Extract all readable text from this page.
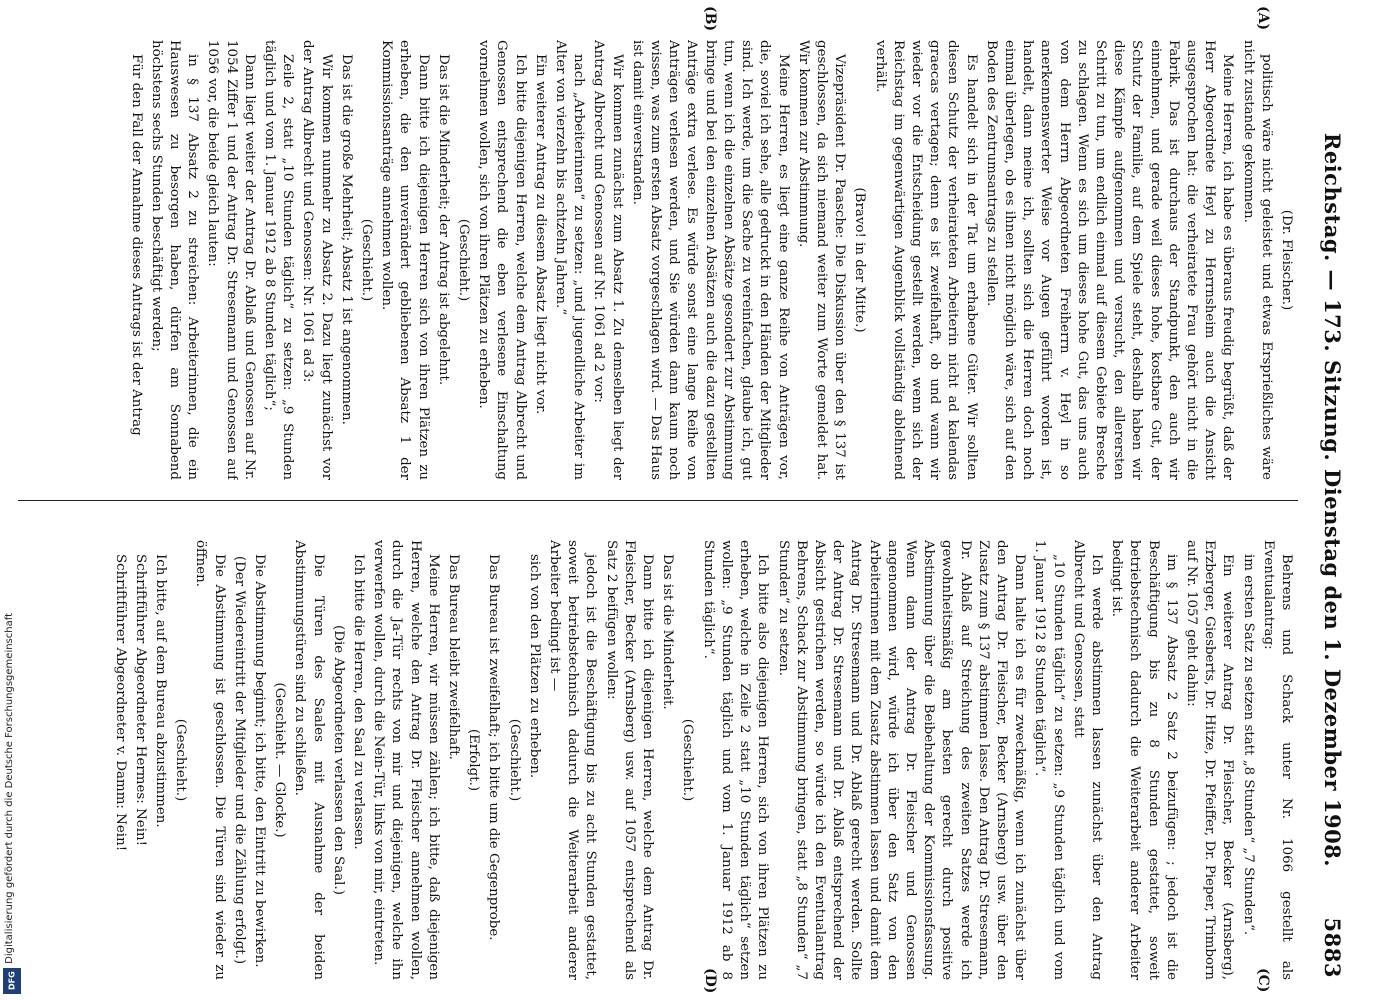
Reichstag. — 173. Sitzung. Dienstag den 1. Dezember 1908.
5883
(A)
(B)
(C)
(D)

(Dr. Fleischer.)

politisch wäre nicht geleistet und etwas Ersprießliches wäre nicht zustande gekommen.

Meine Herren, ich habe es überaus freudig begrüßt, daß der Herr Abgeordnete Heyl zu Herrnsheim auch die Ansicht ausgesprochen hat: die verheiratete Frau gehört nicht in die Fabrik. Das ist durchaus der Standpunkt, den auch wir einnehmen, und gerade weil dieses hohe, kostbare Gut, der Schutz der Familie, auf dem Spiele steht, deshalb haben wir diese Kämpfe aufgenommen und versucht, den allerersten Schritt zu tun, um endlich einmal auf diesem Gebiete Bresche zu schlagen. Wenn es sich um dieses hohe Gut, das uns auch von dem Herrn Abgeordneten Freiherrn v. Heyl in so anerkennenswerter Weise vor Augen geführt worden ist, handelt, dann meine ich, sollten sich die Herren doch noch einmal überlegen, ob es ihnen nicht möglich wäre, sich auf den Boden des Zentrumsantrags zu stellen.

Es handelt sich in der Tat um erhabene Güter. Wir sollten diesen Schutz der verheirateten Arbeiterin nicht ad kalendas graecas vertagen; denn es ist zweifelhaft, ob und wann wir wieder vor die Entscheidung gestellt werden, wenn sich der Reichstag im gegenwärtigen Augenblick vollständig ablehnend verhält.

(Bravo! in der Mitte.)

Vizepräsident Dr. Paasche: Die Diskussion über den § 137 ist geschlossen, da sich niemand weiter zum Worte gemeldet hat. Wir kommen zur Abstimmung.

Meine Herren, es liegt eine ganze Reihe von Anträgen vor, die, soviel ich sehe, alle gedruckt in den Händen der Mitglieder sind. Ich werde, um die Sache zu vereinfachen, glaube ich, gut tun, wenn ich die einzelnen Absätze gesondert zur Abstimmung bringe und bei den einzelnen Absätzen auch die dazu gestellten Anträge extra verlese. Es würde sonst eine lange Reihe von Anträgen verlesen werden, und Sie würden dann kaum noch wissen, was zum ersten Absatz vorgeschlagen wird. — Das Haus ist damit einverstanden.

Wir kommen zunächst zum Absatz 1. Zu demselben liegt der Antrag Albrecht und Genossen auf Nr. 1061 ad 2 vor:

nach „Arbeiterinnen“ zu setzen: „und jugendliche Arbeiter im Alter von vierzehn bis achtzehn Jahren.“

Ein weiterer Antrag zu diesem Absatz liegt nicht vor.

Ich bitte diejenigen Herren, welche dem Antrag Albrecht und Genossen entsprechend die eben verlesene Einschaltung vornehmen wollen, sich von ihren Plätzen zu erheben.

(Geschieht.)

Das ist die Minderheit; der Antrag ist abgelehnt.

Dann bitte ich diejenigen Herren sich von ihren Plätzen zu erheben, die den unverändert gebliebenen Absatz 1 der Kommissionsanträge annehmen wollen.

(Geschieht.)

Das ist die große Mehrheit; Absatz 1 ist angenommen.

Wir kommen nunmehr zu Absatz 2. Dazu liegt zunächst vor der Antrag Albrecht und Genossen: Nr. 1061 ad 3:

Zeile 2, statt „10 Stunden täglich“ zu setzen: „9 Stunden täglich und vom 1. Januar 1912 ab 8 Stunden täglich“;

Dann liegt weiter der Antrag Dr. Ablaß und Genossen auf Nr. 1054 Ziffer 1 und der Antrag Dr. Stresemann und Genossen auf 1056 vor, die beide gleich lauten:

in § 137 Absatz 2 zu streichen: Arbeiterinnen, die ein Hauswesen zu besorgen haben, dürfen am Sonnabend höchstens sechs Stunden beschäftigt werden;

Für den Fall der Annahme dieses Antrags ist der Antrag

Behrens und Schack unter Nr. 1066 gestellt als Eventualantrag:

im ersten Satz zu setzen statt „8 Stunden“ „7 Stunden“.

Ein weiterer Antrag Dr. Fleischer, Becker (Arnsberg), Erzberger, Giesberts, Dr. Hitze, Dr. Pfeiffer, Dr. Pieper, Trimborn auf Nr. 1057 geht dahin:

im § 137 Absatz 2 Satz 2 beizufügen: ; jedoch ist die Beschäftigung bis zu 8 Stunden gestattet, soweit betriebstechnisch dadurch die Weiterarbeit anderer Arbeiter bedingt ist.

Ich werde abstimmen lassen zunächst über den Antrag Albrecht und Genossen, statt

„10 Stunden täglich“ zu setzen: „9 Stunden täglich und vom 1. Januar 1912 8 Stunden täglich“.

Dann halte ich es für zweckmäßig, wenn ich zunächst über den Antrag Dr. Fleischer, Becker (Arnsberg) usw. über den Zusatz zum § 137 abstimmen lasse. Den Antrag Dr. Stresemann, Dr. Ablaß auf Streichung des zweiten Satzes werde ich gewohnheitsmäßig am besten gerecht durch positive Abstimmung über die Beibehaltung der Kommissionsfassung. Wenn dann der Antrag Dr. Fleischer und Genossen angenommen wird, würde ich über den Satz von den Arbeiterinnen mit dem Zusatz abstimmen lassen und damit dem Antrag Dr. Stresemann und Dr. Ablaß gerecht werden. Sollte der Antrag Dr. Stresemann und Dr. Ablaß entsprechend der Absicht gestrichen werden, so würde ich den Eventualantrag Behrens, Schack zur Abstimmung bringen, statt „8 Stunden“ „7 Stunden“ zu setzen.

Ich bitte also diejenigen Herren, sich von ihren Plätzen zu erheben, welche in Zeile 2 statt „10 Stunden täglich“ setzen wollen: „9 Stunden täglich und vom 1. Januar 1912 ab 8 Stunden täglich“.

(Geschieht.)

Das ist die Minderheit.

Dann bitte ich diejenigen Herren, welche dem Antrag Dr. Fleischer, Becker (Arnsberg) usw. auf 1057 entsprechend als Satz 2 beifügen wollen:

jedoch ist die Beschäftigung bis zu acht Stunden gestattet, soweit betriebstechnisch dadurch die Weiterarbeit anderer Arbeiter bedingt ist —

sich von den Plätzen zu erheben.

(Geschieht.)

Das Bureau ist zweifelhaft; ich bitte um die Gegenprobe.

(Erfolgt.)

Das Bureau bleibt zweifelhaft.

Meine Herren, wir müssen zählen; ich bitte, daß diejenigen Herren, welche den Antrag Dr. Fleischer annehmen wollen, durch die Ja-Tür rechts von mir und diejenigen, welche ihn verwerfen wollen, durch die Nein-Tür, links von mir, eintreten.

Ich bitte die Herren, den Saal zu verlassen.

(Die Abgeordneten verlassen den Saal.)

Die Türen des Saales mit Ausnahme der beiden Abstimmungstüren sind zu schließen.

(Geschieht. — Glocke.)

Die Abstimmung beginnt; ich bitte, den Eintritt zu bewirken.

(Der Wiedereintritt der Mitglieder und die Zählung erfolgt.)

Die Abstimmung ist geschlossen. Die Türen sind wieder zu öffnen.

(Geschieht.)

Ich bitte, auf dem Bureau abzustimmen.

Schriftführer Abgeordneter Hermes: Nein!

Schriftführer Abgeordneter v. Damm: Nein!

DFG
Digitalisierung gefördert durch die Deutsche Forschungsgemeinschaft
